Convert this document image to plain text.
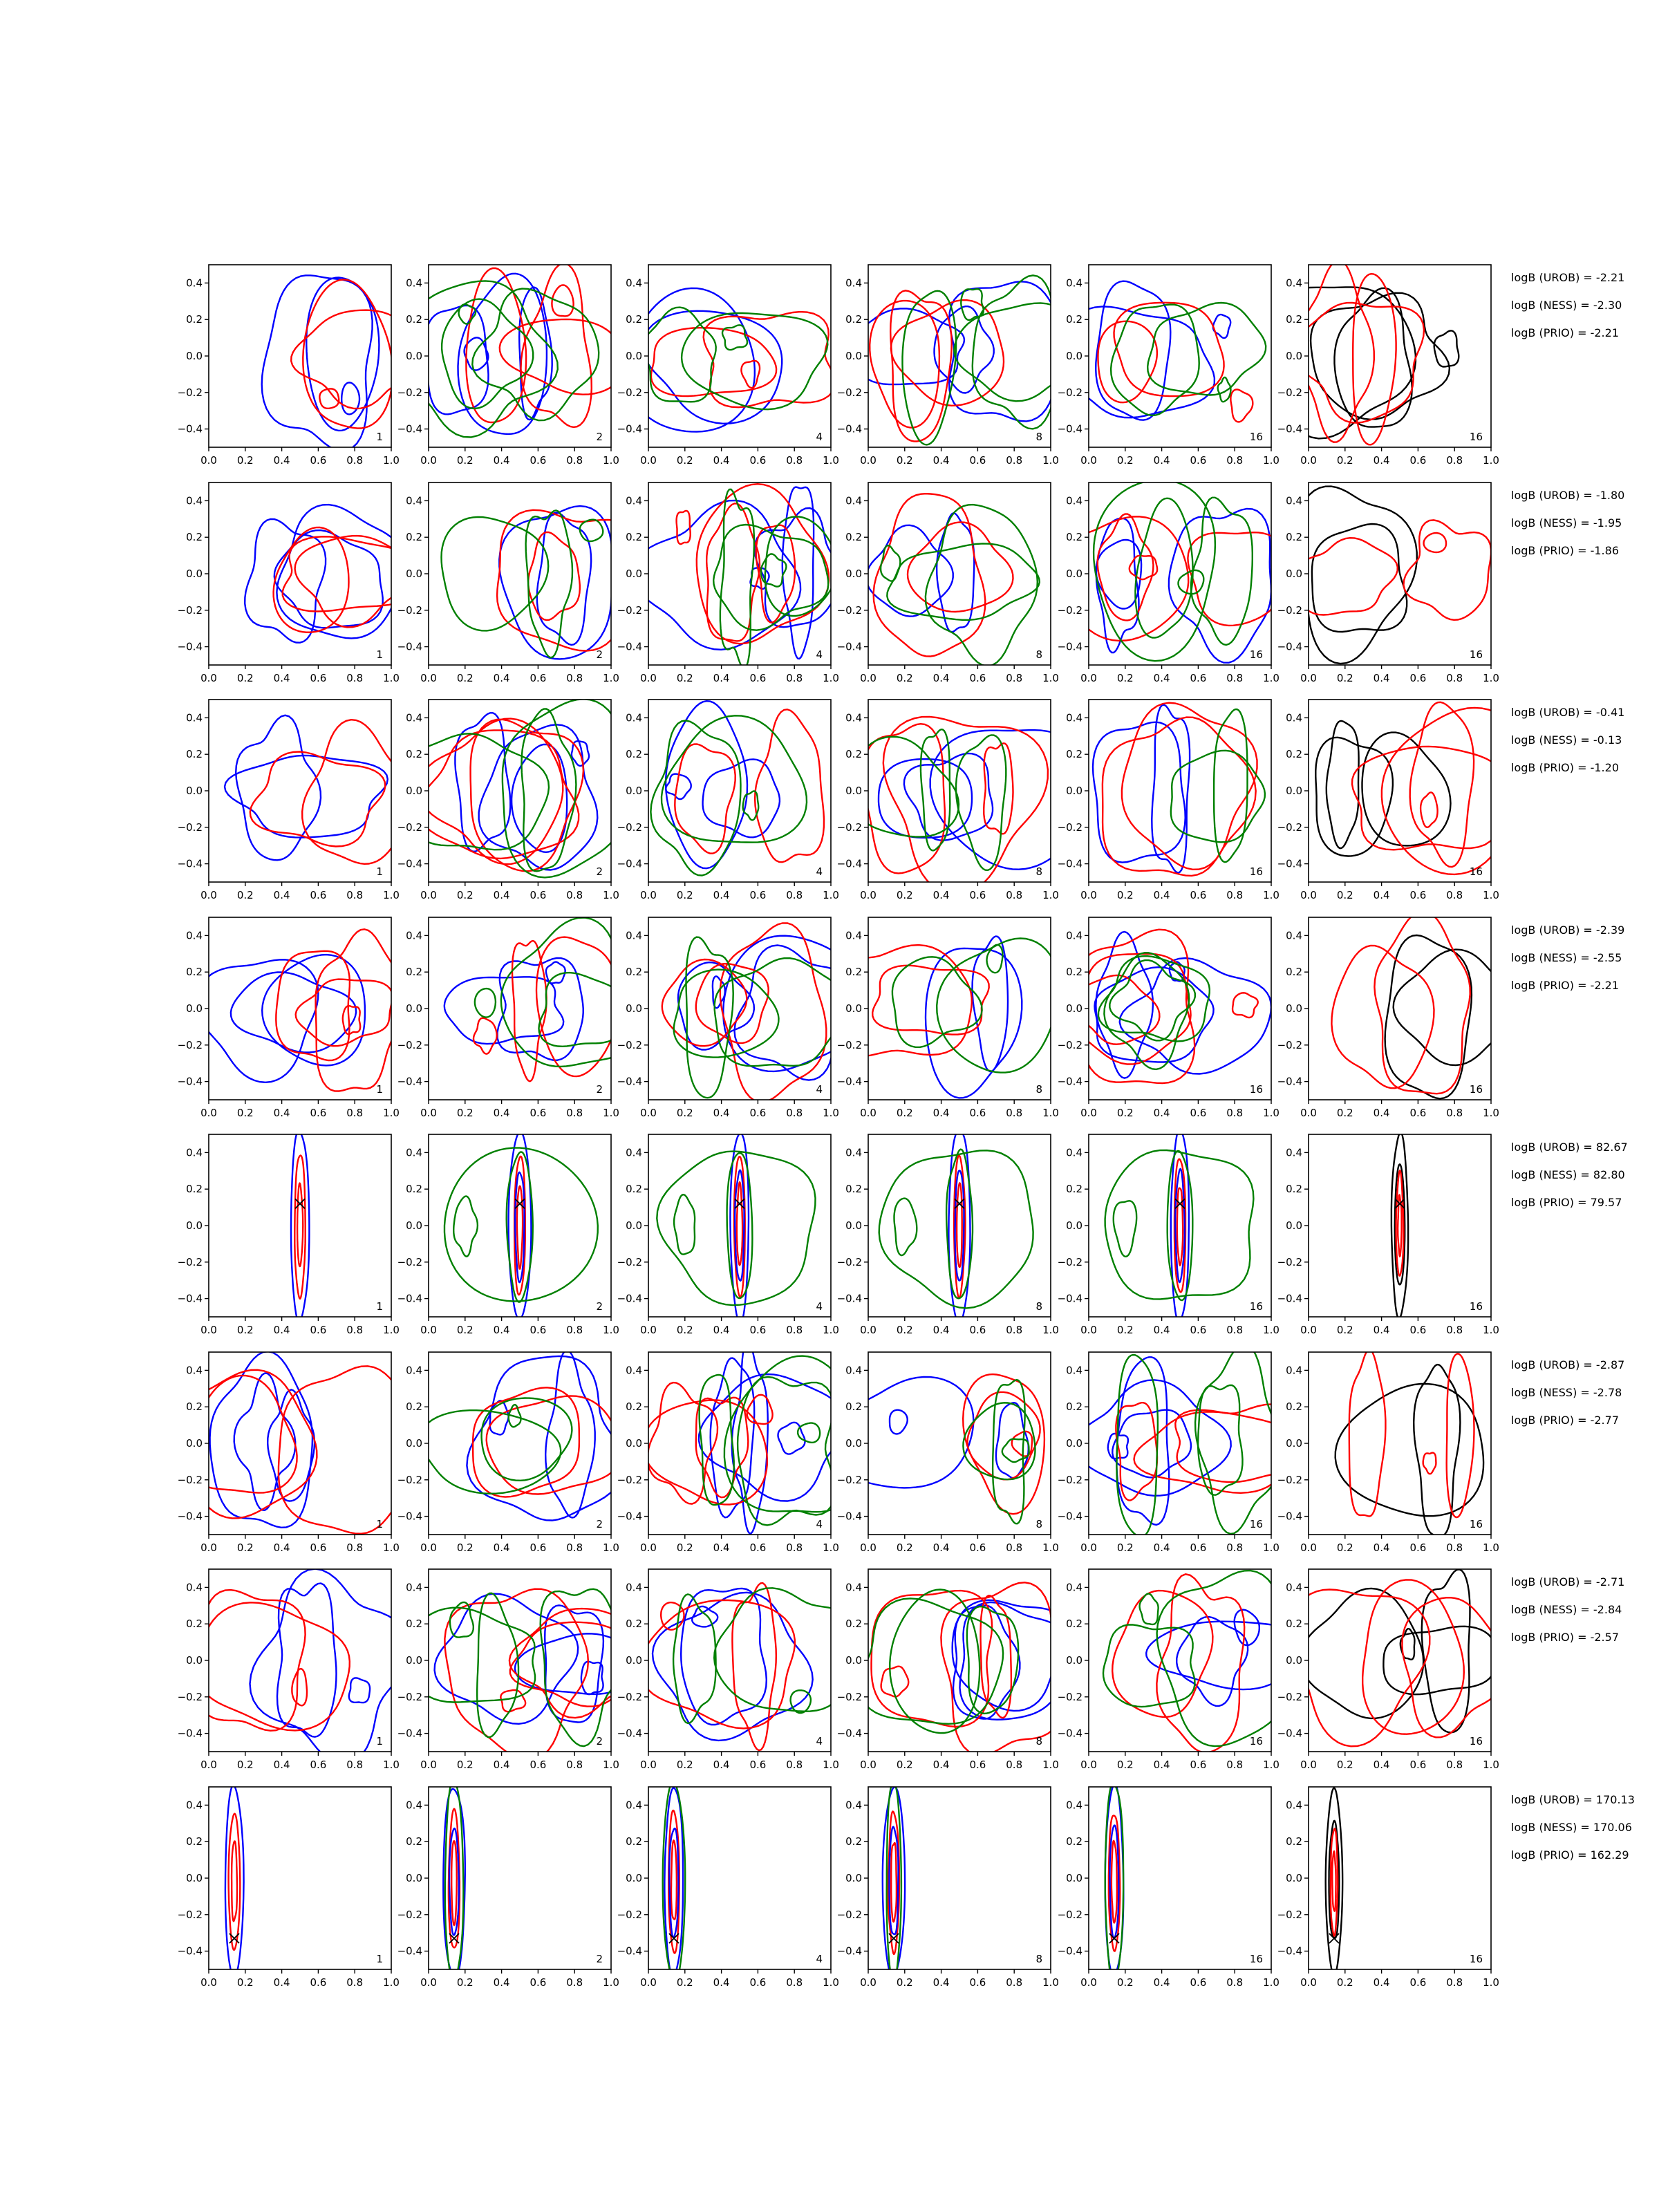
0.0 0.2 0.4 0.6 0.8 1.0
0.4
0.2
0.0
−0.2
−0.4
1
0.0 0.2 0.4 0.6 0.8 1.0
0.4
0.2
0.0
−0.2
−0.4
2
0.0 0.2 0.4 0.6 0.8 1.0
0.4
0.2
0.0
−0.2
−0.4
4
0.0 0.2 0.4 0.6 0.8 1.0
0.4
0.2
0.0
−0.2
−0.4
8
0.0 0.2 0.4 0.6 0.8 1.0
0.4
0.2
0.0
−0.2
−0.4
16
0.0 0.2 0.4 0.6 0.8 1.0
0.4
0.2
0.0
−0.2
−0.4
16
logB (UROB) = -2.21
logB (NESS) = -2.30
logB (PRIO) = -2.21
0.0 0.2 0.4 0.6 0.8 1.0
0.4
0.2
0.0
−0.2
−0.4
1
0.0 0.2 0.4 0.6 0.8 1.0
0.4
0.2
0.0
−0.2
−0.4
2
0.0 0.2 0.4 0.6 0.8 1.0
0.4
0.2
0.0
−0.2
−0.4
4
0.0 0.2 0.4 0.6 0.8 1.0
0.4
0.2
0.0
−0.2
−0.4
8
0.0 0.2 0.4 0.6 0.8 1.0
0.4
0.2
0.0
−0.2
−0.4
16
0.0 0.2 0.4 0.6 0.8 1.0
0.4
0.2
0.0
−0.2
−0.4
16
logB (UROB) = -1.80
logB (NESS) = -1.95
logB (PRIO) = -1.86
0.0 0.2 0.4 0.6 0.8 1.0
0.4
0.2
0.0
−0.2
−0.4
1
0.0 0.2 0.4 0.6 0.8 1.0
0.4
0.2
0.0
−0.2
−0.4
2
0.0 0.2 0.4 0.6 0.8 1.0
0.4
0.2
0.0
−0.2
−0.4
4
0.0 0.2 0.4 0.6 0.8 1.0
0.4
0.2
0.0
−0.2
−0.4
8
0.0 0.2 0.4 0.6 0.8 1.0
0.4
0.2
0.0
−0.2
−0.4
16
0.0 0.2 0.4 0.6 0.8 1.0
0.4
0.2
0.0
−0.2
−0.4
16
logB (UROB) = -0.41
logB (NESS) = -0.13
logB (PRIO) = -1.20
0.0 0.2 0.4 0.6 0.8 1.0
0.4
0.2
0.0
−0.2
−0.4
1
0.0 0.2 0.4 0.6 0.8 1.0
0.4
0.2
0.0
−0.2
−0.4
2
0.0 0.2 0.4 0.6 0.8 1.0
0.4
0.2
0.0
−0.2
−0.4
4
0.0 0.2 0.4 0.6 0.8 1.0
0.4
0.2
0.0
−0.2
−0.4
8
0.0 0.2 0.4 0.6 0.8 1.0
0.4
0.2
0.0
−0.2
−0.4
16
0.0 0.2 0.4 0.6 0.8 1.0
0.4
0.2
0.0
−0.2
−0.4
16
logB (UROB) = -2.39
logB (NESS) = -2.55
logB (PRIO) = -2.21
0.0 0.2 0.4 0.6 0.8 1.0
0.4
0.2
0.0
−0.2
−0.4
1
0.0 0.2 0.4 0.6 0.8 1.0
0.4
0.2
0.0
−0.2
−0.4
2
0.0 0.2 0.4 0.6 0.8 1.0
0.4
0.2
0.0
−0.2
−0.4
4
0.0 0.2 0.4 0.6 0.8 1.0
0.4
0.2
0.0
−0.2
−0.4
8
0.0 0.2 0.4 0.6 0.8 1.0
0.4
0.2
0.0
−0.2
−0.4
16
0.0 0.2 0.4 0.6 0.8 1.0
0.4
0.2
0.0
−0.2
−0.4
16
logB (UROB) = 82.67
logB (NESS) = 82.80
logB (PRIO) = 79.57
0.0 0.2 0.4 0.6 0.8 1.0
0.4
0.2
0.0
−0.2
−0.4
1
0.0 0.2 0.4 0.6 0.8 1.0
0.4
0.2
0.0
−0.2
−0.4
2
0.0 0.2 0.4 0.6 0.8 1.0
0.4
0.2
0.0
−0.2
−0.4
4
0.0 0.2 0.4 0.6 0.8 1.0
0.4
0.2
0.0
−0.2
−0.4
8
0.0 0.2 0.4 0.6 0.8 1.0
0.4
0.2
0.0
−0.2
−0.4
16
0.0 0.2 0.4 0.6 0.8 1.0
0.4
0.2
0.0
−0.2
−0.4
16
logB (UROB) = -2.87
logB (NESS) = -2.78
logB (PRIO) = -2.77
0.0 0.2 0.4 0.6 0.8 1.0
0.4
0.2
0.0
−0.2
−0.4
1
0.0 0.2 0.4 0.6 0.8 1.0
0.4
0.2
0.0
−0.2
−0.4
2
0.0 0.2 0.4 0.6 0.8 1.0
0.4
0.2
0.0
−0.2
−0.4
4
0.0 0.2 0.4 0.6 0.8 1.0
0.4
0.2
0.0
−0.2
−0.4
8
0.0 0.2 0.4 0.6 0.8 1.0
0.4
0.2
0.0
−0.2
−0.4
16
0.0 0.2 0.4 0.6 0.8 1.0
0.4
0.2
0.0
−0.2
−0.4
16
logB (UROB) = -2.71
logB (NESS) = -2.84
logB (PRIO) = -2.57
0.0 0.2 0.4 0.6 0.8 1.0
0.4
0.2
0.0
−0.2
−0.4
1
0.0 0.2 0.4 0.6 0.8 1.0
0.4
0.2
0.0
−0.2
−0.4
2
0.0 0.2 0.4 0.6 0.8 1.0
0.4
0.2
0.0
−0.2
−0.4
4
0.0 0.2 0.4 0.6 0.8 1.0
0.4
0.2
0.0
−0.2
−0.4
8
0.0 0.2 0.4 0.6 0.8 1.0
0.4
0.2
0.0
−0.2
−0.4
16
0.0 0.2 0.4 0.6 0.8 1.0
0.4
0.2
0.0
−0.2
−0.4
16
logB (UROB) = 170.13
logB (NESS) = 170.06
logB (PRIO) = 162.29
